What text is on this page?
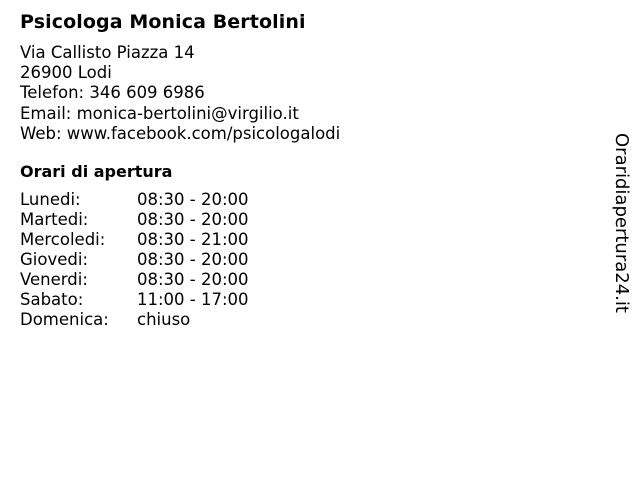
Psicologa Monica Bertolini
Via Callisto Piazza 14
26900 Lodi
Telefon: 346 609 6986
Email: monica-bertolini@virgilio.it
Web: www.facebook.com/psicologalodi
Orari di apertura
Lunedi:	08:30 - 20:00
Martedi:	08:30 - 20:00
Mercoledi:	08:30 - 21:00
Giovedi:	08:30 - 20:00
Venerdi:	08:30 - 20:00
Sabato:	11:00 - 17:00
Domenica:	chiuso
Oraridiapertura24.it
